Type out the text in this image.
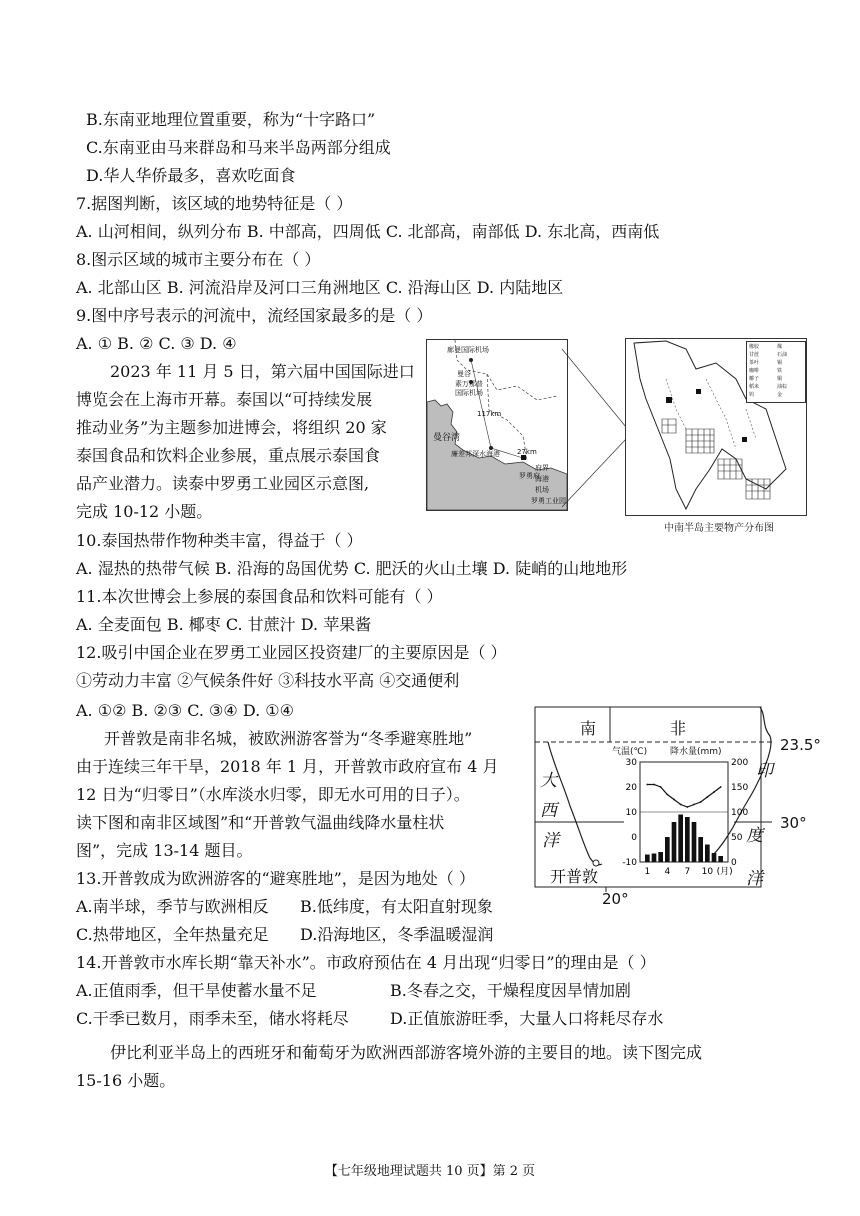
B.东南亚地理位置重要，称为“十字路口”
C.东南亚由马来群岛和马来半岛两部分组成
D.华人华侨最多，喜欢吃面食
7.据图判断，该区域的地势特征是（ ）
A. 山河相间，纵列分布 B. 中部高，四周低 C. 北部高，南部低 D. 东北高，西南低
8.图示区域的城市主要分布在（ ）
A. 北部山区 B. 河流沿岸及河口三角洲地区 C. 沿海山区 D. 内陆地区
9.图中序号表示的河流中，流经国家最多的是（ ）
A. ① B. ② C. ③ D. ④
2023 年 11 月 5 日，第六届中国国际进口
博览会在上海市开幕。泰国以“可持续发展
推动业务”为主题参加进博会，将组织 20 家
泰国食品和饮料企业参展，重点展示泰国食
品产业潜力。读泰中罗勇工业园区示意图,
完成 10-12 小题。
廊曼国际机场
曼谷
素万那普
国际机场
117km
曼谷湾
廉差邦深水海港 27km
罗勇府
府界
海港
机场
罗勇工业园
橡胶
甘蔗
茶叶
咖啡
椰子
稻米
煤
石油
锡
铁
铜
油棕
金
钨
中南半岛主要物产分布图
10.泰国热带作物种类丰富，得益于（ ）
A. 湿热的热带气候 B. 沿海的岛国优势 C. 肥沃的火山土壤 D. 陡峭的山地地形
11.本次世博会上参展的泰国食品和饮料可能有（ ）
A. 全麦面包 B. 椰枣 C. 甘蔗汁 D. 苹果酱
12.吸引中国企业在罗勇工业园区投资建厂的主要原因是（ ）
①劳动力丰富 ②气候条件好 ③科技水平高 ④交通便利
A. ①② B. ②③ C. ③④ D. ①④
开普敦是南非名城，被欧洲游客誉为“冬季避寒胜地”
由于连续三年干旱，2018 年 1 月，开普敦市政府宣布 4 月
12 日为“归零日”（水库淡水归零，即无水可用的日子）。
读下图和南非区域图”和“开普敦气温曲线降水量柱状
图”，完成 13-14 题目。
南	非
大
西
洋
印
度
洋
开普敦
23.5°
30°
20°
气温(℃)	降水量(mm)
30
20
10
0
-10
200
150
100
50
0
1 4 7 10 (月)
13.开普敦成为欧洲游客的“避寒胜地”，是因为地处（ ）
A.南半球，季节与欧洲相反 B.低纬度，有太阳直射现象
C.热带地区，全年热量充足 D.沿海地区，冬季温暖湿润
14.开普敦市水库长期“靠天补水”。市政府预估在 4 月出现“归零日”的理由是（ ）
A.正值雨季，但干旱使蓄水量不足	B.冬春之交，干燥程度因旱情加剧
C.干季已数月，雨季未至，储水将耗尽	D.正值旅游旺季，大量人口将耗尽存水
伊比利亚半岛上的西班牙和葡萄牙为欧洲西部游客境外游的主要目的地。读下图完成
15-16 小题。
【七年级地理试题共 10 页】第 2 页
